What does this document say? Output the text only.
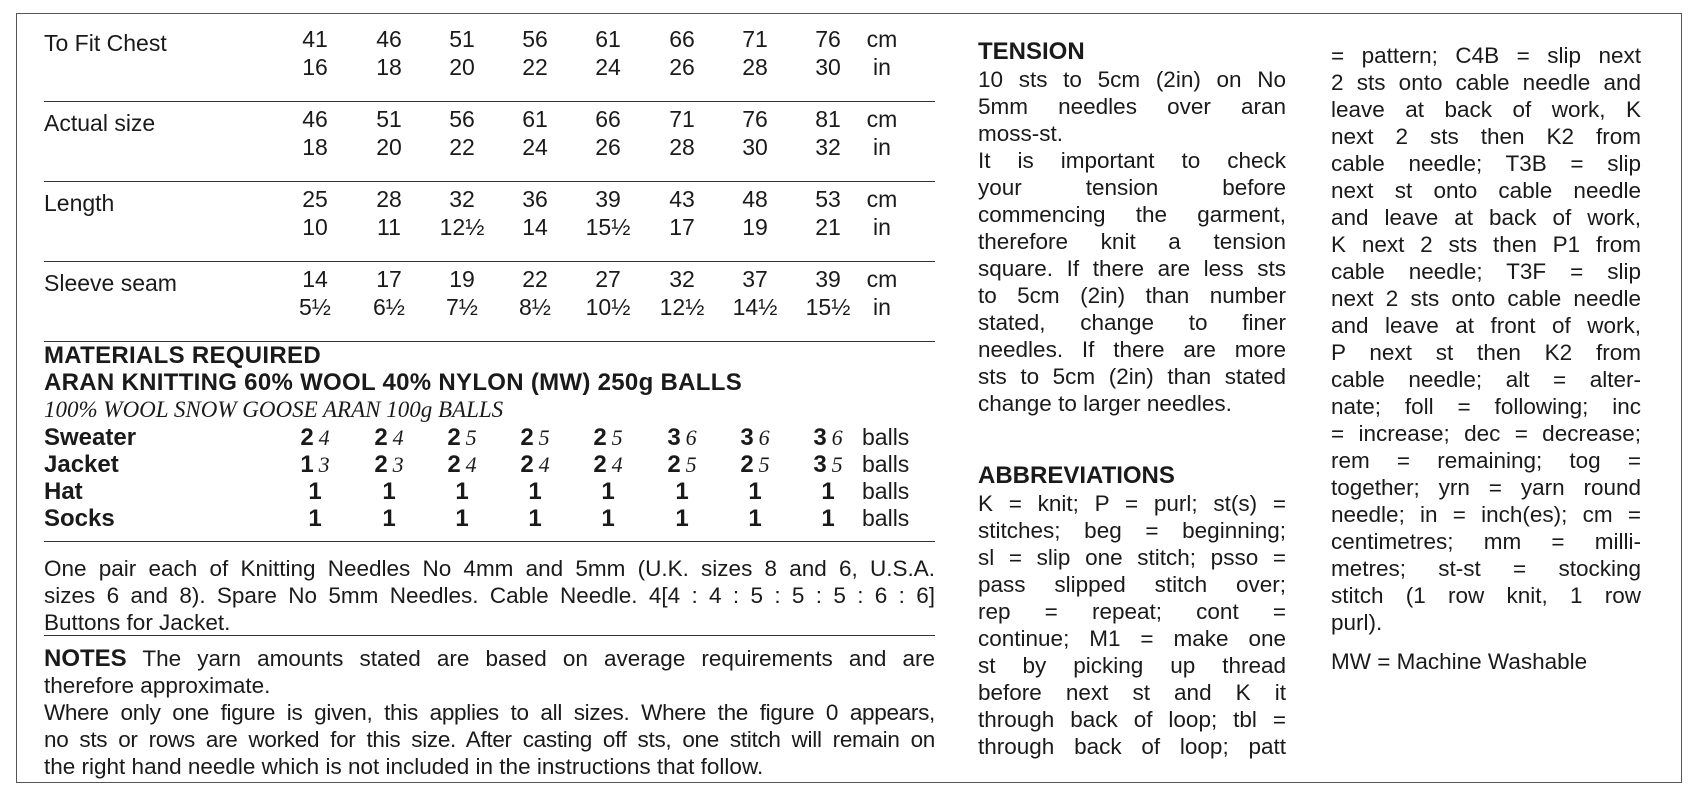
To Fit Chest	41	46	51	56	61	66	71	76	cm
16	18	20	22	24	26	28	30	in
Actual size	46	51	56	61	66	71	76	81	cm
18	20	22	24	26	28	30	32	in
Length	25	28	32	36	39	43	48	53	cm
10	11	12½	14	15½	17	19	21	in
Sleeve seam	14	17	19	22	27	32	37	39	cm
5½	6½	7½	8½	10½	12½	14½	15½ in
MATERIALS REQUIRED
ARAN KNITTING 60% WOOL 40% NYLON (MW) 250g BALLS
100% WOOL SNOW GOOSE ARAN 100g BALLS
Sweater	2 4	2 4	2 5	2 5	2 5	3 6	3 6	3 6 balls
Jacket	1 3	2 3	2 4	2 4	2 4	2 5	2 5	3 5 balls
Hat	1	1	1	1	1	1	1	1	balls
Socks	1	1	1	1	1	1	1	1	balls
One pair each of Knitting Needles No 4mm and 5mm (U.K. sizes 8 and 6, U.S.A.
sizes 6 and 8). Spare No 5mm Needles. Cable Needle. 4[4 : 4 : 5 : 5 : 5 : 6 : 6]
Buttons for Jacket.
NOTES The yarn amounts stated are based on average requirements and are
therefore approximate.
Where only one figure is given, this applies to all sizes. Where the figure 0 appears,
no sts or rows are worked for this size. After casting off sts, one stitch will remain on
the right hand needle which is not included in the instructions that follow.
TENSION
10 sts to 5cm (2in) on No
5mm needles over aran
moss-st.
It is important to check
your tension before
commencing the garment,
therefore knit a tension
square. If there are less sts
to 5cm (2in) than number
stated, change to finer
needles. If there are more
sts to 5cm (2in) than stated
change to larger needles.
ABBREVIATIONS
K = knit; P = purl; st(s) =
stitches; beg = beginning;
sl = slip one stitch; psso =
pass slipped stitch over;
rep = repeat; cont =
continue; M1 = make one
st by picking up thread
before next st and K it
through back of loop; tbl =
through back of loop; patt
= pattern; C4B = slip next
2 sts onto cable needle and
leave at back of work, K
next 2 sts then K2 from
cable needle; T3B = slip
next st onto cable needle
and leave at back of work,
K next 2 sts then P1 from
cable needle; T3F = slip
next 2 sts onto cable needle
and leave at front of work,
P next st then K2 from
cable needle; alt = alter-
nate; foll = following; inc
= increase; dec = decrease;
rem = remaining; tog =
together; yrn = yarn round
needle; in = inch(es); cm =
centimetres; mm = milli-
metres; st-st = stocking
stitch (1 row knit, 1 row
purl).
MW = Machine Washable
